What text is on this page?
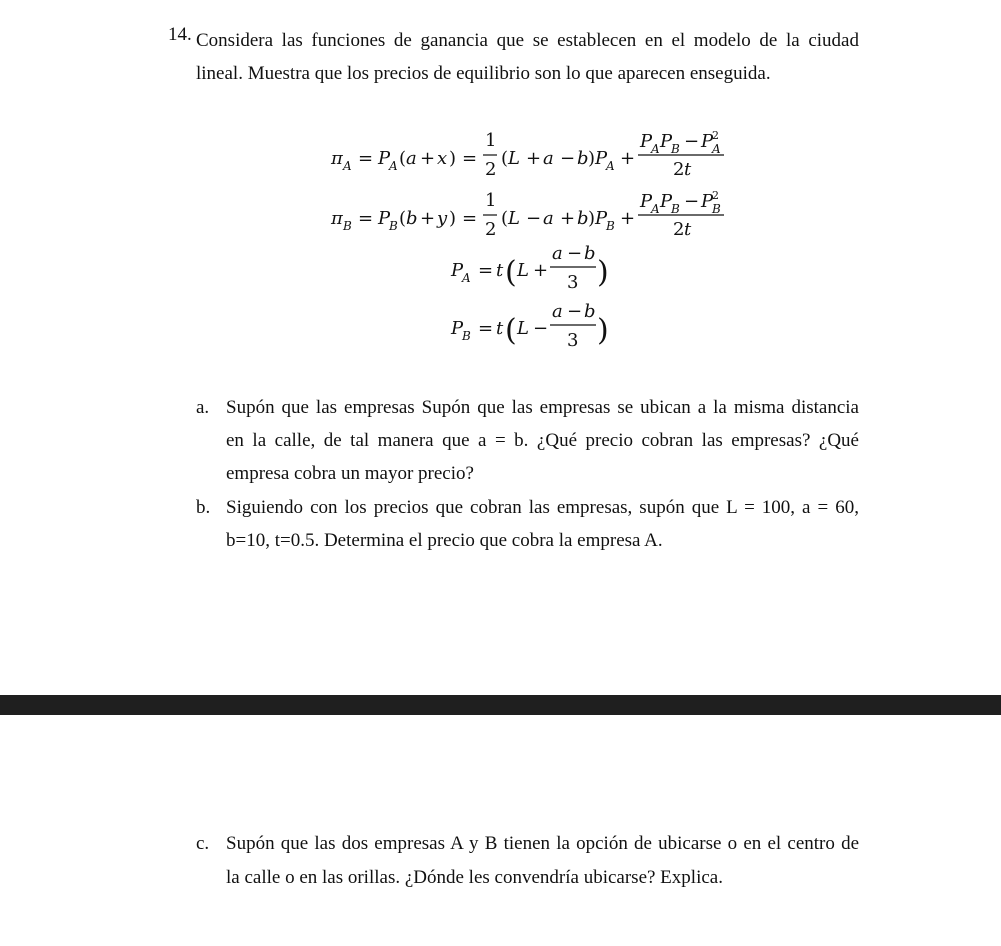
14. Considera las funciones de ganancia que se establecen en el modelo de la ciudad
lineal. Muestra que los precios de equilibrio son lo que aparecen enseguida.
π A = P
A ( a + x ) =
1
2
( L + a − b ) P
A +
P
A P
B − P
2
A
2 t
π B = P
B ( b + y ) =
1
2
( L − a + b ) P
B +
P
A P
B − P
2
B
2 t
P
A = t ( L +
a − b
3 )
P
B = t ( L −
a − b
3 )
a. Supón que las empresas Supón que las empresas se ubican a la misma distancia
en la calle, de tal manera que a = b. ¿Qué precio cobran las empresas? ¿Qué
empresa cobra un mayor precio?
b. Siguiendo con los precios que cobran las empresas, supón que L = 100, a = 60,
b=10, t=0.5. Determina el precio que cobra la empresa A.
c. Supón que las dos empresas A y B tienen la opción de ubicarse o en el centro de
la calle o en las orillas. ¿Dónde les convendría ubicarse? Explica.
